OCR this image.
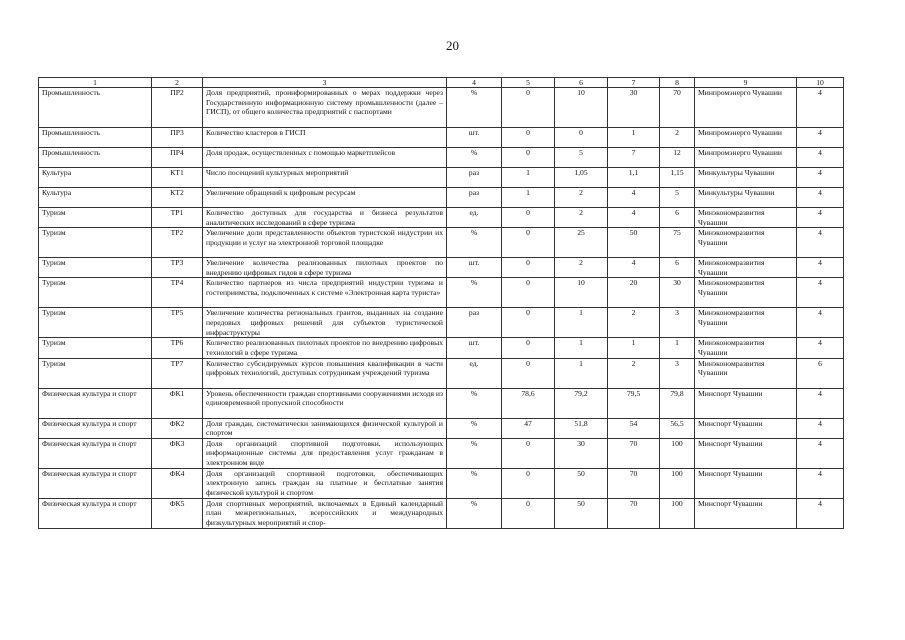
20
1	2	3	4	5	6	7	8	9	10
Промышленность	ПР2	Доля предприятий, проинформированных о мерах поддержки через Государственную информационную систему промышленности (далее – ГИСП), от общего количества предприятий с паспортами	%	0	10	30	70	Минпромэнерго Чувашии	4
Промышленность	ПР3	Количество кластеров в ГИСП	шт.	0	0	1	2	Минпромэнерго Чувашии	4
Промышленность	ПР4	Доля продаж, осуществленных с помощью маркетплейсов	%	0	5	7	12	Минпромэнерго Чувашии	4
Культура	КТ1	Число посещений культурных мероприятий	раз	1	1,05	1,1	1,15	Минкультуры Чувашии	4
Культура	КТ2	Увеличение обращений к цифровым ресурсам	раз	1	2	4	5	Минкультуры Чувашии	4
Туризм	ТР1	Количество доступных для государства и бизнеса результатов аналитических исследований в сфере туризма	ед.	0	2	4	6	Минэкономразвития Чувашии	4
Туризм	ТР2	Увеличение доли представленности объектов туристской индустрии их продукции и услуг на электронной торговой площадке	%	0	25	50	75	Минэкономразвития Чувашии	4
Туризм	ТР3	Увеличение количества реализованных пилотных проектов по внедрению цифровых гидов в сфере туризма	шт.	0	2	4	6	Минэкономразвития Чувашии	4
Туризм	ТР4	Количество партнеров из числа предприятий индустрии туризма и гостеприимства, подключенных к системе «Электронная карта туриста»	%	0	10	20	30	Минэкономразвития Чувашии	4
Туризм	ТР5	Увеличение количества региональных грантов, выданных на создание передовых цифровых решений для субъектов туристической инфраструктуры	раз	0	1	2	3	Минэкономразвития Чувашии	4
Туризм	ТР6	Количество реализованных пилотных проектов по внедрению цифровых технологий в сфере туризма	шт.	0	1	1	1	Минэкономразвития Чувашии	4
Туризм	ТР7	Количество субсидируемых курсов повышения квалификации в части цифровых технологий, доступных сотрудникам учреждений туризма	ед.	0	1	2	3	Минэкономразвития Чувашии	6
Физическая культура и спорт	ФК1	Уровень обеспеченности граждан спортивными сооружениями исходя из единовременной пропускной способности	%	78,6	79,2	79,5	79,8	Минспорт Чувашии	4
Физическая культура и спорт	ФК2	Доля граждан, систематически занимающихся физической культурой и спортом	%	47	51,8	54	56,5	Минспорт Чувашии	4
Физическая культура и спорт	ФК3	Доля организаций спортивной подготовки, использующих информационные системы для предоставления услуг гражданам в электронном виде	%	0	30	70	100	Минспорт Чувашии	4
Физическая культура и спорт	ФК4	Доля организаций спортивной подготовки, обеспечивающих электронную запись граждан на платные и бесплатные занятия физической культурой и спортом	%	0	50	70	100	Минспорт Чувашии	4
Физическая культура и спорт	ФК5	Доля спортивных мероприятий, включаемых в Единый календарный план межрегиональных, всероссийских и международных физкультурных мероприятий и спор-	%	0	50	70	100	Минспорт Чувашии	4
